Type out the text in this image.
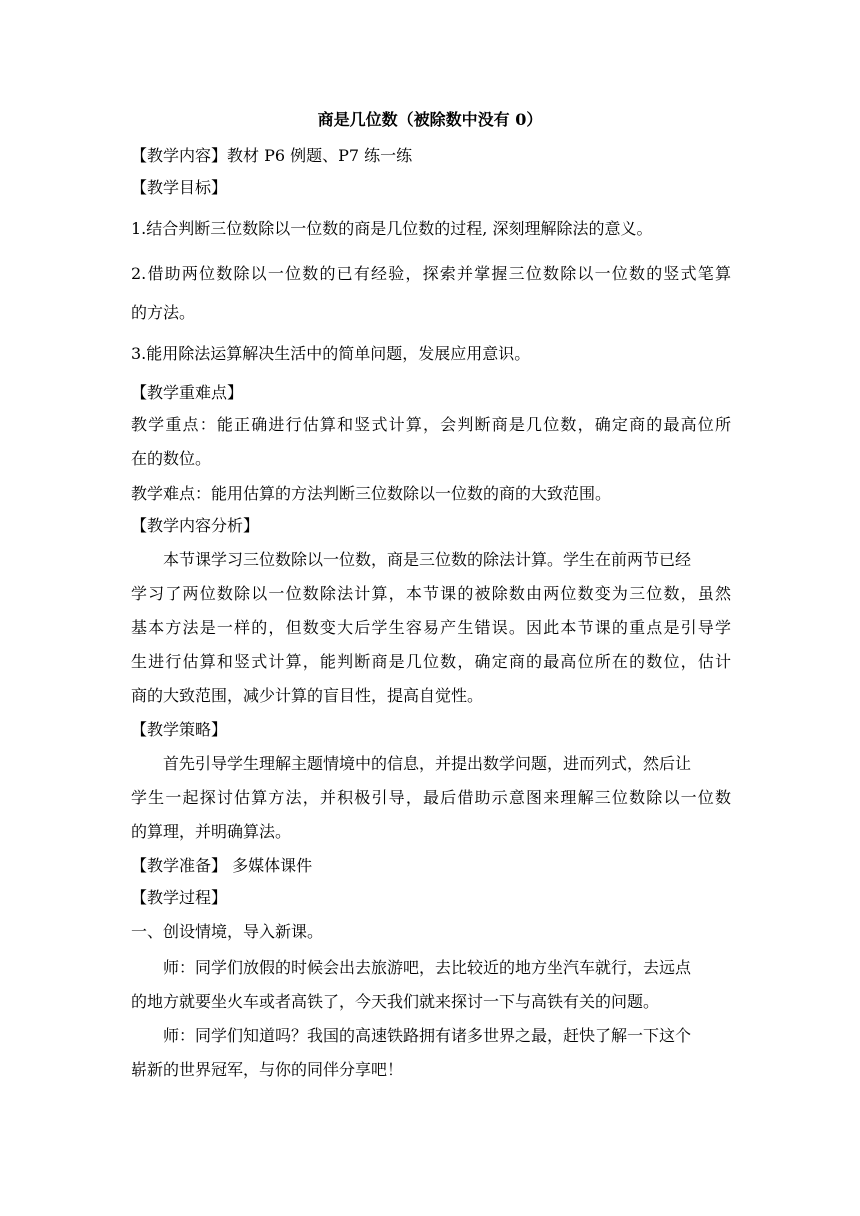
商是几位数（被除数中没有 0）
【教学内容】教材 P6 例题、P7 练一练
【教学目标】
1.结合判断三位数除以一位数的商是几位数的过程, 深刻理解除法的意义。
2.借助两位数除以一位数的已有经验，探索并掌握三位数除以一位数的竖式笔算
的方法。
3.能用除法运算解决生活中的简单问题，发展应用意识。
【教学重难点】
教学重点：能正确进行估算和竖式计算，会判断商是几位数，确定商的最高位所
在的数位。
教学难点：能用估算的方法判断三位数除以一位数的商的大致范围。
【教学内容分析】
本节课学习三位数除以一位数，商是三位数的除法计算。学生在前两节已经
学习了两位数除以一位数除法计算，本节课的被除数由两位数变为三位数，虽然
基本方法是一样的，但数变大后学生容易产生错误。因此本节课的重点是引导学
生进行估算和竖式计算，能判断商是几位数，确定商的最高位所在的数位，估计
商的大致范围，减少计算的盲目性，提高自觉性。
【教学策略】
首先引导学生理解主题情境中的信息，并提出数学问题，进而列式，然后让
学生一起探讨估算方法，并积极引导，最后借助示意图来理解三位数除以一位数
的算理，并明确算法。
【教学准备】 多媒体课件
【教学过程】
一、创设情境，导入新课。
师：同学们放假的时候会出去旅游吧，去比较近的地方坐汽车就行，去远点
的地方就要坐火车或者高铁了，今天我们就来探讨一下与高铁有关的问题。
师：同学们知道吗？我国的高速铁路拥有诸多世界之最，赶快了解一下这个
崭新的世界冠军，与你的同伴分享吧！
